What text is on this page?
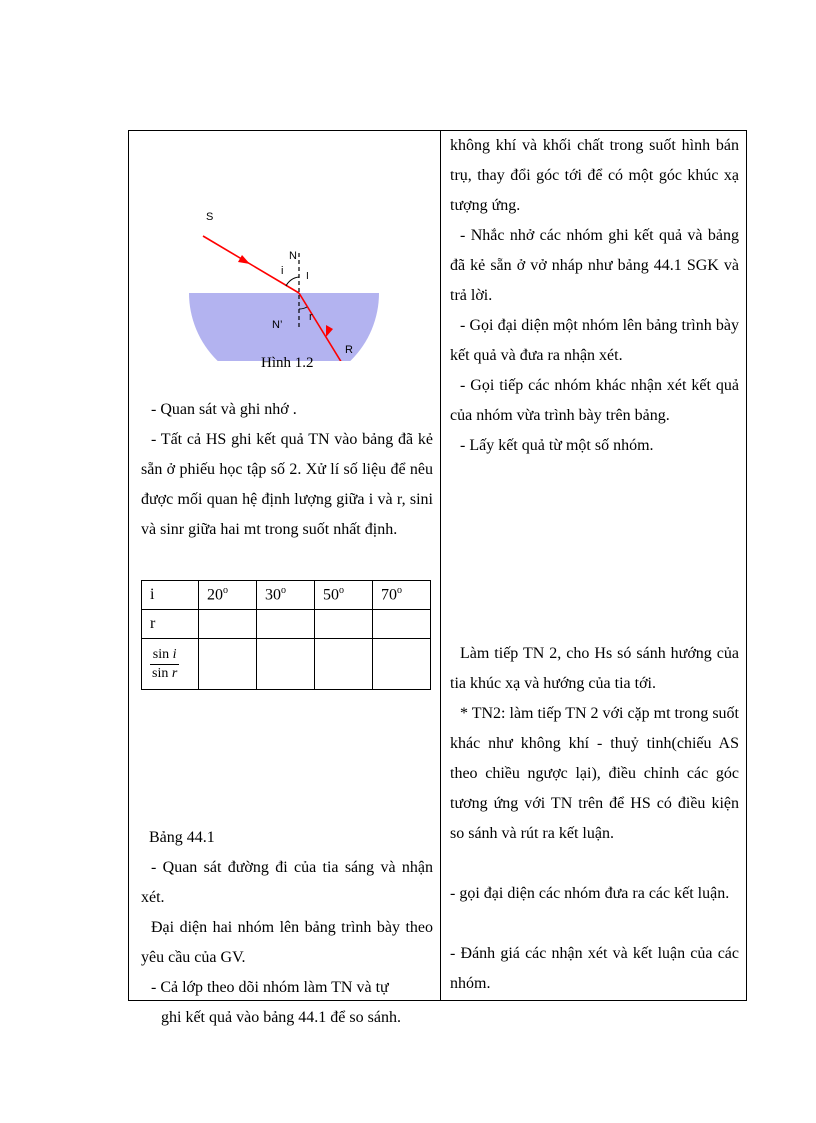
S
N
i I
N’
r
R
Hình 1.2
- Quan sát và ghi nhớ .
- Tất cả HS ghi kết quả TN vào bảng đã kẻ sẵn ở phiếu học tập số 2. Xử lí số liệu để nêu được mối quan hệ định lượng giữa i và r, sini và sinr giữa hai mt trong suốt nhất định.
i	20$^o$	30$^o$	50$^o$	70$^o$
r				

$\frac{\text{sin i}}{\text{sin r}}$

Bảng 44.1
- Quan sát đường đi của tia sáng và nhận xét.
Đại diện hai nhóm lên bảng trình bày theo yêu cầu của GV.
- Cả lớp theo dõi nhóm làm TN và tự
ghi kết quả vào bảng 44.1 để so sánh.
không khí và khối chất trong suốt hình bán trụ, thay đổi góc tới để có một góc khúc xạ tượng ứng.
- Nhắc nhở các nhóm ghi kết quả và bảng đã kẻ sẵn ở vở nháp như bảng 44.1 SGK và trả lời.
- Gọi đại diện một nhóm lên bảng trình bày kết quả và đưa ra nhận xét.
- Gọi tiếp các nhóm khác nhận xét kết quả của nhóm vừa trình bày trên bảng.
- Lấy kết quả từ một số nhóm.
Làm tiếp TN 2, cho Hs só sánh hướng của tia khúc xạ và hướng của tia tới.
* TN2: làm tiếp TN 2 với cặp mt trong suốt khác như không khí - thuỷ tinh(chiếu AS theo chiều ngược lại), điều chỉnh các góc tương ứng với TN trên để HS có điều kiện so sánh và rút ra kết luận.
- gọi đại diện các nhóm đưa ra các kết luận.
- Đánh giá các nhận xét và kết luận của các nhóm.
